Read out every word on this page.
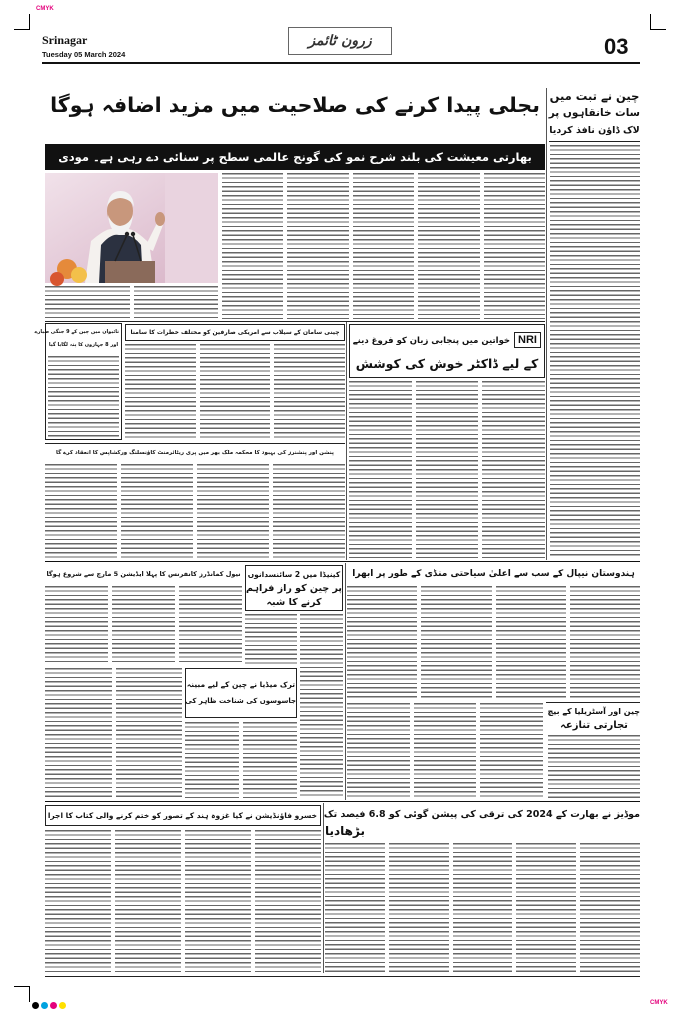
CMYK
CMYK
Srinagar
Tuesday 05 March 2024
زرون ٹائمز	03
بجلی پیدا کرنے کی صلاحیت میں مزید اضافہ ہوگا چین نے تبت میں
سات خانقاہوں پر
لاک ڈاؤن نافذ کردیا
بھارتی معیشت کی بلند شرح نمو کی گونج عالمی سطح پر سنائی دے رہی ہے۔ مودی
تائیوان میں چین کے 9 جنگی طیارے
اور 8 جہازوں کا پتہ لگایا گیا
چینی سامان کے سیلاب سے امریکی صارفین کو مختلف خطرات کا سامنا
NRI
خواتین میں پنجابی زبان کو فروغ دینے
کے لیے ڈاکٹر خوش کی کوشش
پنشن اور پنشنرز کی بہبود کا محکمہ ملک بھر میں پری ریٹائرمنٹ کاؤنسلنگ ورکشاپس کا انعقاد کرے گا
ہندوستان نیپال کے سب سے اعلیٰ سیاحتی منڈی کے طور پر ابھرا
چین اور آسٹریلیا کے بیچ
تجارتی تنازعہ
نیول کمانڈرز کانفرنس کا پہلا ایڈیشن 5 مارچ سے شروع ہوگا کینیڈا میں 2 سائنسدانوں
پر چین کو راز فراہم
کرنے کا شبہ
ترک میڈیا نے چین کے لیے مبینہ
جاسوسوں کی شناخت ظاہر کی
خسرو فاؤنڈیشن نے کیا غزوہ ہند کے تصور کو ختم کرنے والی کتاب کا اجرا موڈیز نے بھارت کے 2024 کی ترقی کی پیشن گوئی کو 6.8 فیصد تک
بڑھادیا
